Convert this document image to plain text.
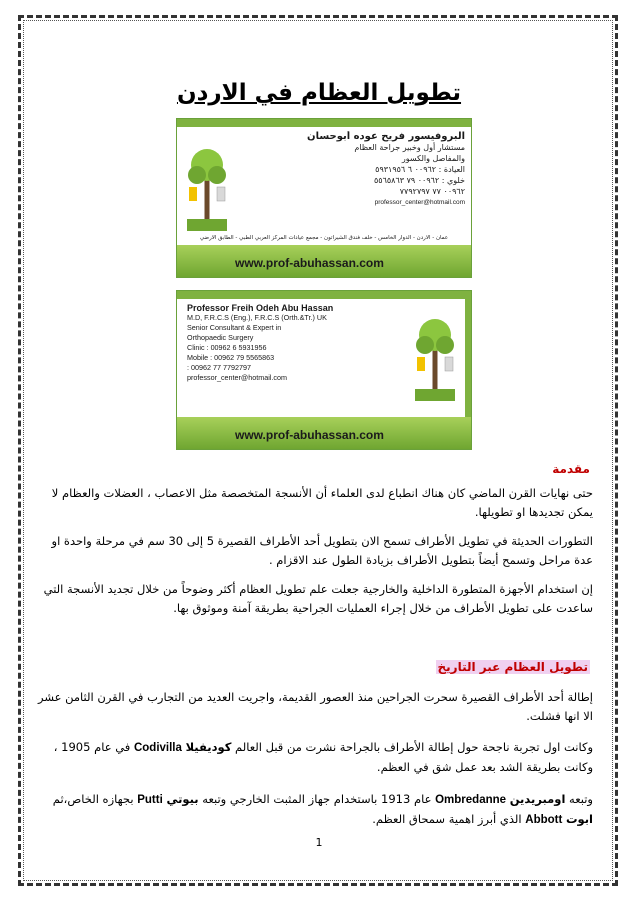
تطويل العظام في الاردن
البروفيسور فريح عوده أبوحسان
مستشار أول وخبير جراحة العظام
والمفاصل والكسور
العيادة : ٠٠٩٦٢ ٦ ٥٩٣١٩٥٦
خلوي : ٠٠٩٦٢ ٧٩ ٥٥٦٥٨٦٣
٠٠٩٦٢ ٧٧ ٧٧٩٢٧٩٧
professor_center@hotmail.com
عمان - الاردن - الدوار الخامس - خلف فندق الشيراتون - مجمع عيادات المركز العربي الطبي - الطابق الارضي
www.prof-abuhassan.com
Professor Freih Odeh Abu Hassan
M.D, F.R.C.S (Eng.), F.R.C.S (Orth.&Tr.) UK
Senior Consultant & Expert in
Orthopaedic Surgery
Clinic : 00962 6 5931956
Mobile : 00962 79 5565863
: 00962 77 7792797
professor_center@hotmail.com
www.prof-abuhassan.com
مقدمة
حتى نهايات القرن الماضي كان هناك انطباع لدى العلماء أن الأنسجة المتخصصة مثل الاعصاب ، العضلات والعظام لا يمكن تجديدها او تطويلها.
التطورات الحديثة في تطويل الأطراف تسمح الان بتطويل أحد الأطراف القصيرة 5 إلى 30 سم في مرحلة واحدة او عدة مراحل وتسمح أيضاً بتطويل الأطراف بزيادة الطول عند الاقزام .
إن استخدام الأجهزة المتطورة الداخلية والخارجية جعلت علم تطويل العظام أكثر وضوحاً من خلال تجديد الأنسجة التي ساعدت على تطويل الأطراف من خلال إجراء العمليات الجراحية بطريقة آمنة وموثوق بها.
تطويل العظام عبر التاريخ
إطالة أحد الأطراف القصيرة سحرت الجراحين منذ العصور القديمة، واجريت العديد من التجارب في القرن الثامن عشر الا انها فشلت.
وكانت اول تجربة ناجحة حول إطالة الأطراف بالجراحة نشرت من قبل العالم كوديفيلا Codivilla في عام 1905 ، وكانت بطريقة الشد بعد عمل شق في العظم.
وتبعه اومبريدين Ombredanne عام 1913 باستخدام جهاز المثبت الخارجي وتبعه بيوتي Putti بجهازه الخاص،ثم ابوت Abbott الذي أبرز اهمية سمحاق العظم.
1
